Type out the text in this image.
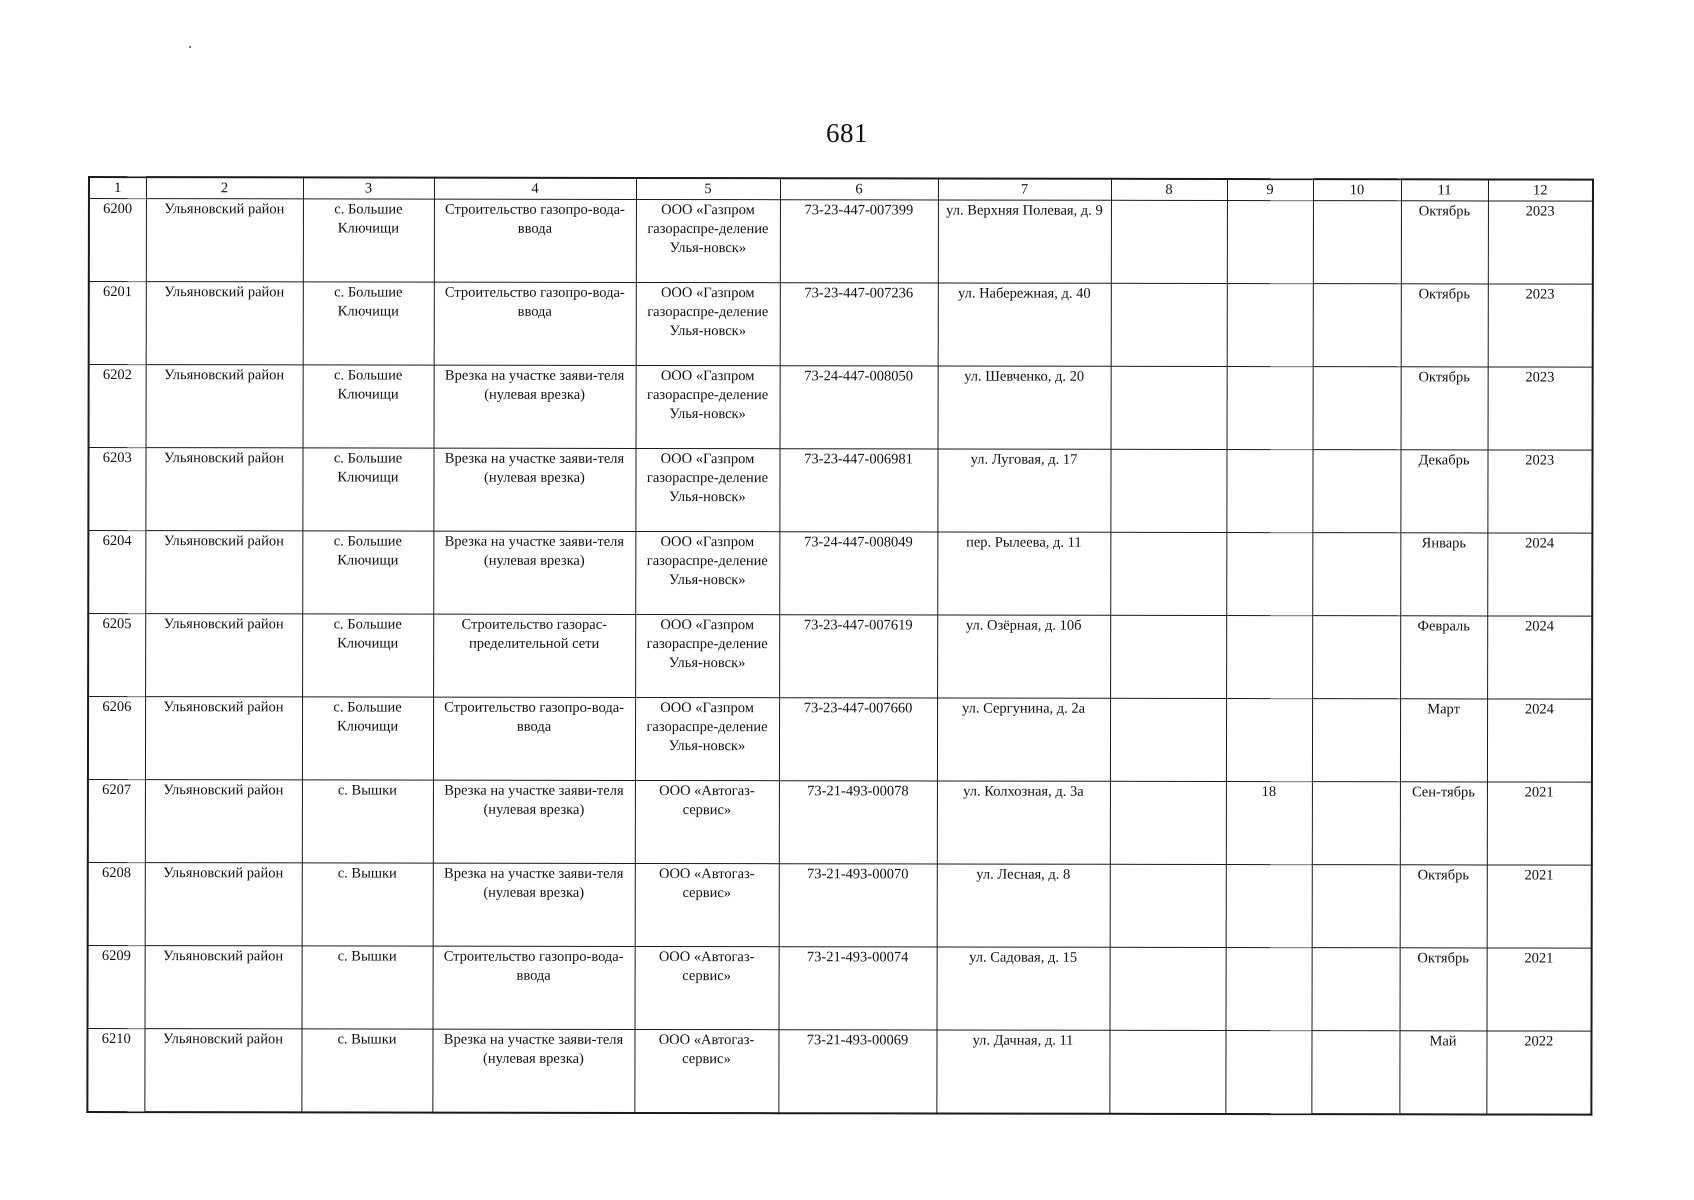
681
1	2	3	4	5	6	7	8	9	10	11	12
6200	Ульяновский район	с. Большие Ключищи	Строительство газопро-вода-ввода	ООО «Газпром газораспре-деление Улья-новск»	73-23-447-007399	ул. Верхняя Полевая, д. 9				Октябрь	2023
6201	Ульяновский район	с. Большие Ключищи	Строительство газопро-вода-ввода	ООО «Газпром газораспре-деление Улья-новск»	73-23-447-007236	ул. Набережная, д. 40				Октябрь	2023
6202	Ульяновский район	с. Большие Ключищи	Врезка на участке заяви-теля (нулевая врезка)	ООО «Газпром газораспре-деление Улья-новск»	73-24-447-008050	ул. Шевченко, д. 20				Октябрь	2023
6203	Ульяновский район	с. Большие Ключищи	Врезка на участке заяви-теля (нулевая врезка)	ООО «Газпром газораспре-деление Улья-новск»	73-23-447-006981	ул. Луговая, д. 17				Декабрь	2023
6204	Ульяновский район	с. Большие Ключищи	Врезка на участке заяви-теля (нулевая врезка)	ООО «Газпром газораспре-деление Улья-новск»	73-24-447-008049	пер. Рылеева, д. 11				Январь	2024
6205	Ульяновский район	с. Большие Ключищи	Строительство газорас-пределительной сети	ООО «Газпром газораспре-деление Улья-новск»	73-23-447-007619	ул. Озёрная, д. 10б				Февраль	2024
6206	Ульяновский район	с. Большие Ключищи	Строительство газопро-вода-ввода	ООО «Газпром газораспре-деление Улья-новск»	73-23-447-007660	ул. Сергунина, д. 2а				Март	2024
6207	Ульяновский район	с. Вышки	Врезка на участке заяви-теля (нулевая врезка)	ООО «Автогаз-сервис»	73-21-493-00078	ул. Колхозная, д. 3а		18		Сен-тябрь	2021
6208	Ульяновский район	с. Вышки	Врезка на участке заяви-теля (нулевая врезка)	ООО «Автогаз-сервис»	73-21-493-00070	ул. Лесная, д. 8				Октябрь	2021
6209	Ульяновский район	с. Вышки	Строительство газопро-вода-ввода	ООО «Автогаз-сервис»	73-21-493-00074	ул. Садовая, д. 15				Октябрь	2021
6210	Ульяновский район	с. Вышки	Врезка на участке заяви-теля (нулевая врезка)	ООО «Автогаз-сервис»	73-21-493-00069	ул. Дачная, д. 11				Май	2022
